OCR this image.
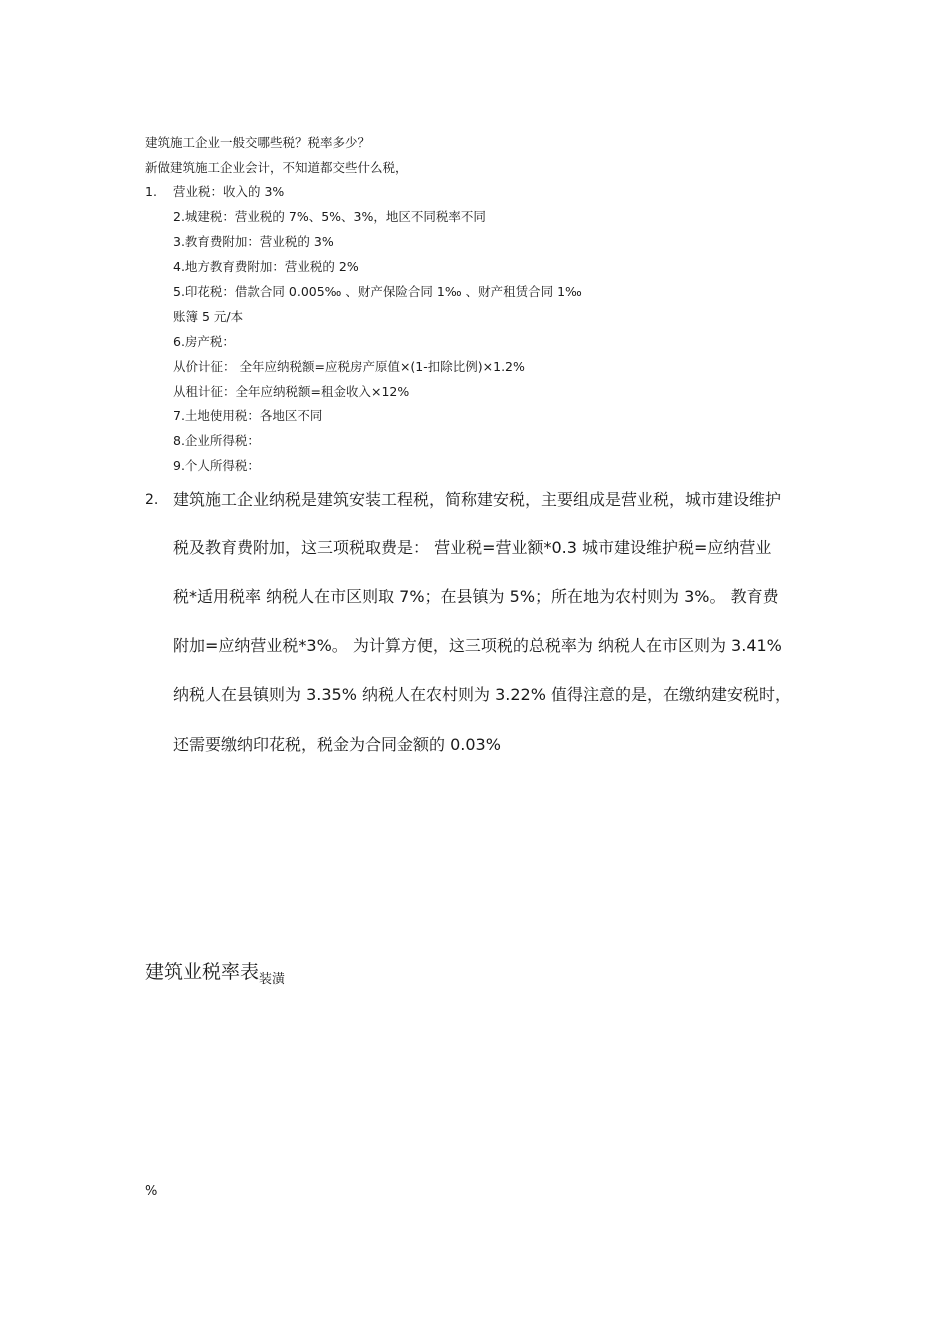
建筑施工企业一般交哪些税？税率多少？
新做建筑施工企业会计，不知道都交些什么税，
1. 营业税：收入的 3%
2.城建税：营业税的 7%、5%、3%，地区不同税率不同
3.教育费附加：营业税的 3%
4.地方教育费附加：营业税的 2%
5.印花税：借款合同 0.005‰ 、财产保险合同 1‰ 、财产租赁合同 1‰
账簿 5 元/本
6.房产税：
从价计征： 全年应纳税额=应税房产原值×(1-扣除比例)×1.2%
从租计征：全年应纳税额=租金收入×12%
7.土地使用税：各地区不同
8.企业所得税：
9.个人所得税：
2. 建筑施工企业纳税是建筑安装工程税，简称建安税，主要组成是营业税，城市建设维护
税及教育费附加，这三项税取费是： 营业税=营业额*0.3 城市建设维护税=应纳营业
税*适用税率 纳税人在市区则取 7%；在县镇为 5%；所在地为农村则为 3%。 教育费
附加=应纳营业税*3%。 为计算方便，这三项税的总税率为 纳税人在市区则为 3.41%
纳税人在县镇则为 3.35% 纳税人在农村则为 3.22% 值得注意的是，在缴纳建安税时，
还需要缴纳印花税，税金为合同金额的 0.03%
建筑业税率表$_{装潢}$
%
